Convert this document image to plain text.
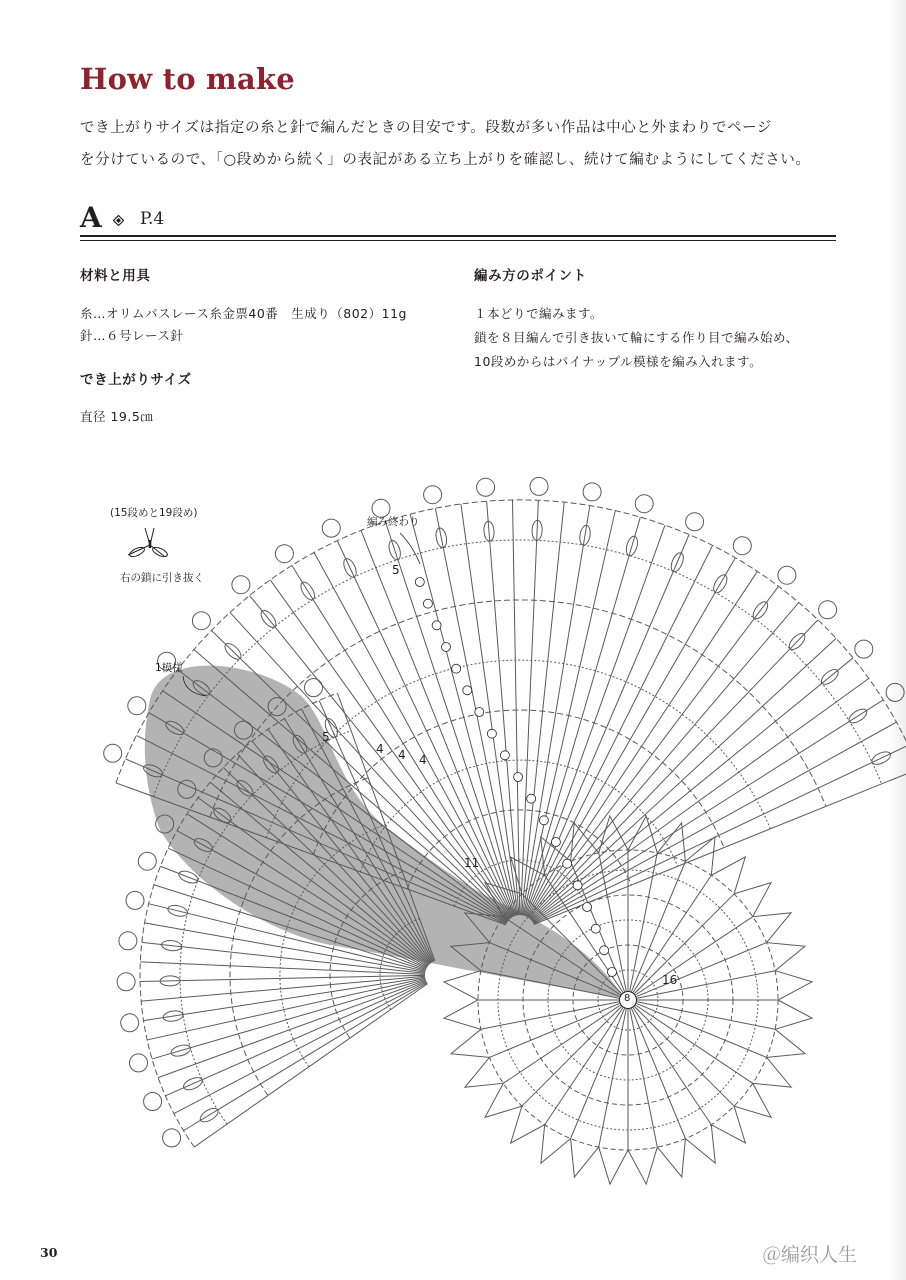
How to make
でき上がりサイズは指定の糸と針で編んだときの目安です。段数が多い作品は中心と外まわりでページ
を分けているので、「○段めから続く」の表記がある立ち上がりを確認し、続けて編むようにしてください。
A P.4
材料と用具
糸…オリムパスレース糸金票40番　生成り（802）11g
針…６号レース針
でき上がりサイズ
直径 19.5㎝
編み方のポイント
１本どりで編みます。
鎖を８目編んで引き抜いて輪にする作り目で編み始め、
10段めからはパイナップル模様を編み入れます。
(15段めと19段め)
右の鎖に引き抜く
編み終わり
1模様
5
5
4 4 4
11
16
8
30	＠编织人生
